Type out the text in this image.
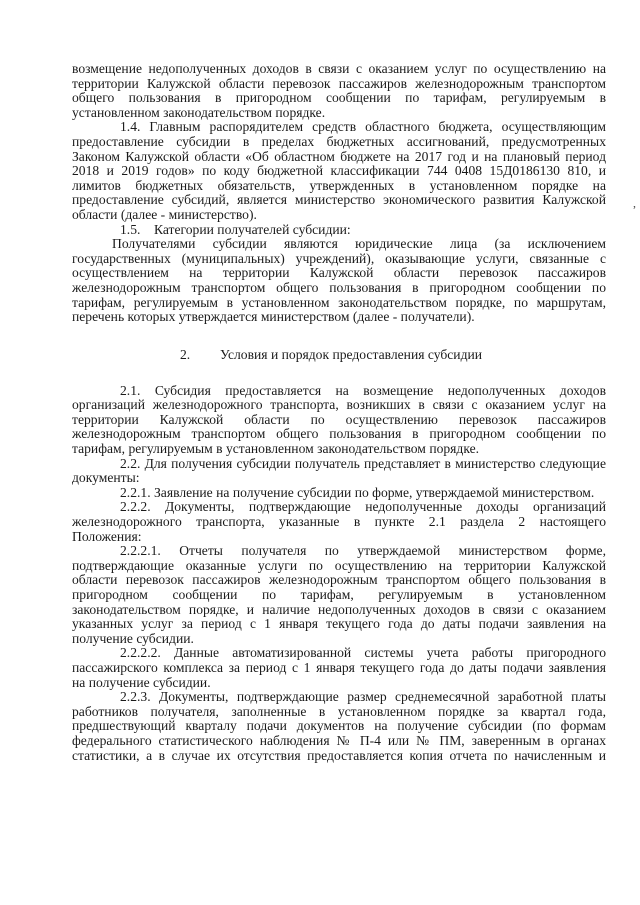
возмещение недополученных доходов в связи с оказанием услуг по осуществлению на
территории Калужской области перевозок пассажиров железнодорожным транспортом
общего пользования в пригородном сообщении по тарифам, регулируемым в
установленном законодательством порядке.
1.4. Главным распорядителем средств областного бюджета, осуществляющим
предоставление субсидии в пределах бюджетных ассигнований, предусмотренных
Законом Калужской области «Об областном бюджете на 2017 год и на плановый период
2018 и 2019 годов» по коду бюджетной классификации 744 0408 15Д0186130 810, и
лимитов бюджетных обязательств, утвержденных в установленном порядке на
предоставление субсидий, является министерство экономического развития Калужской
области (далее - министерство).
1.5.    Категории получателей субсидии:
Получателями субсидии являются юридические лица (за исключением
государственных (муниципальных) учреждений), оказывающие услуги, связанные с
осуществлением на территории Калужской области перевозок пассажиров
железнодорожным транспортом общего пользования в пригородном сообщении по
тарифам, регулируемым в установленном законодательством порядке, по маршрутам,
перечень которых утверждается министерством (далее - получатели).
2. Условия и порядок предоставления субсидии
2.1. Субсидия предоставляется на возмещение недополученных доходов
организаций железнодорожного транспорта, возникших в связи с оказанием услуг на
территории Калужской области по осуществлению перевозок пассажиров
железнодорожным транспортом общего пользования в пригородном сообщении по
тарифам, регулируемым в установленном законодательством порядке.
2.2. Для получения субсидии получатель представляет в министерство следующие
документы:
2.2.1. Заявление на получение субсидии по форме, утверждаемой министерством.
2.2.2. Документы, подтверждающие недополученные доходы организаций
железнодорожного транспорта, указанные в пункте 2.1 раздела 2 настоящего
Положения:
2.2.2.1. Отчеты получателя по утверждаемой министерством форме,
подтверждающие оказанные услуги по осуществлению на территории Калужской
области перевозок пассажиров железнодорожным транспортом общего пользования в
пригородном сообщении по тарифам, регулируемым в установленном
законодательством порядке, и наличие недополученных доходов в связи с оказанием
указанных услуг за период с 1 января текущего года до даты подачи заявления на
получение субсидии.
2.2.2.2. Данные автоматизированной системы учета работы пригородного
пассажирского комплекса за период с 1 января текущего года до даты подачи заявления
на получение субсидии.
2.2.3. Документы, подтверждающие размер среднемесячной заработной платы
работников получателя, заполненные в установленном порядке за квартал года,
предшествующий кварталу подачи документов на получение субсидии (по формам
федерального статистического наблюдения № П-4 или № ПМ, заверенным в органах
статистики, а в случае их отсутствия предоставляется копия отчета по начисленным и
,
